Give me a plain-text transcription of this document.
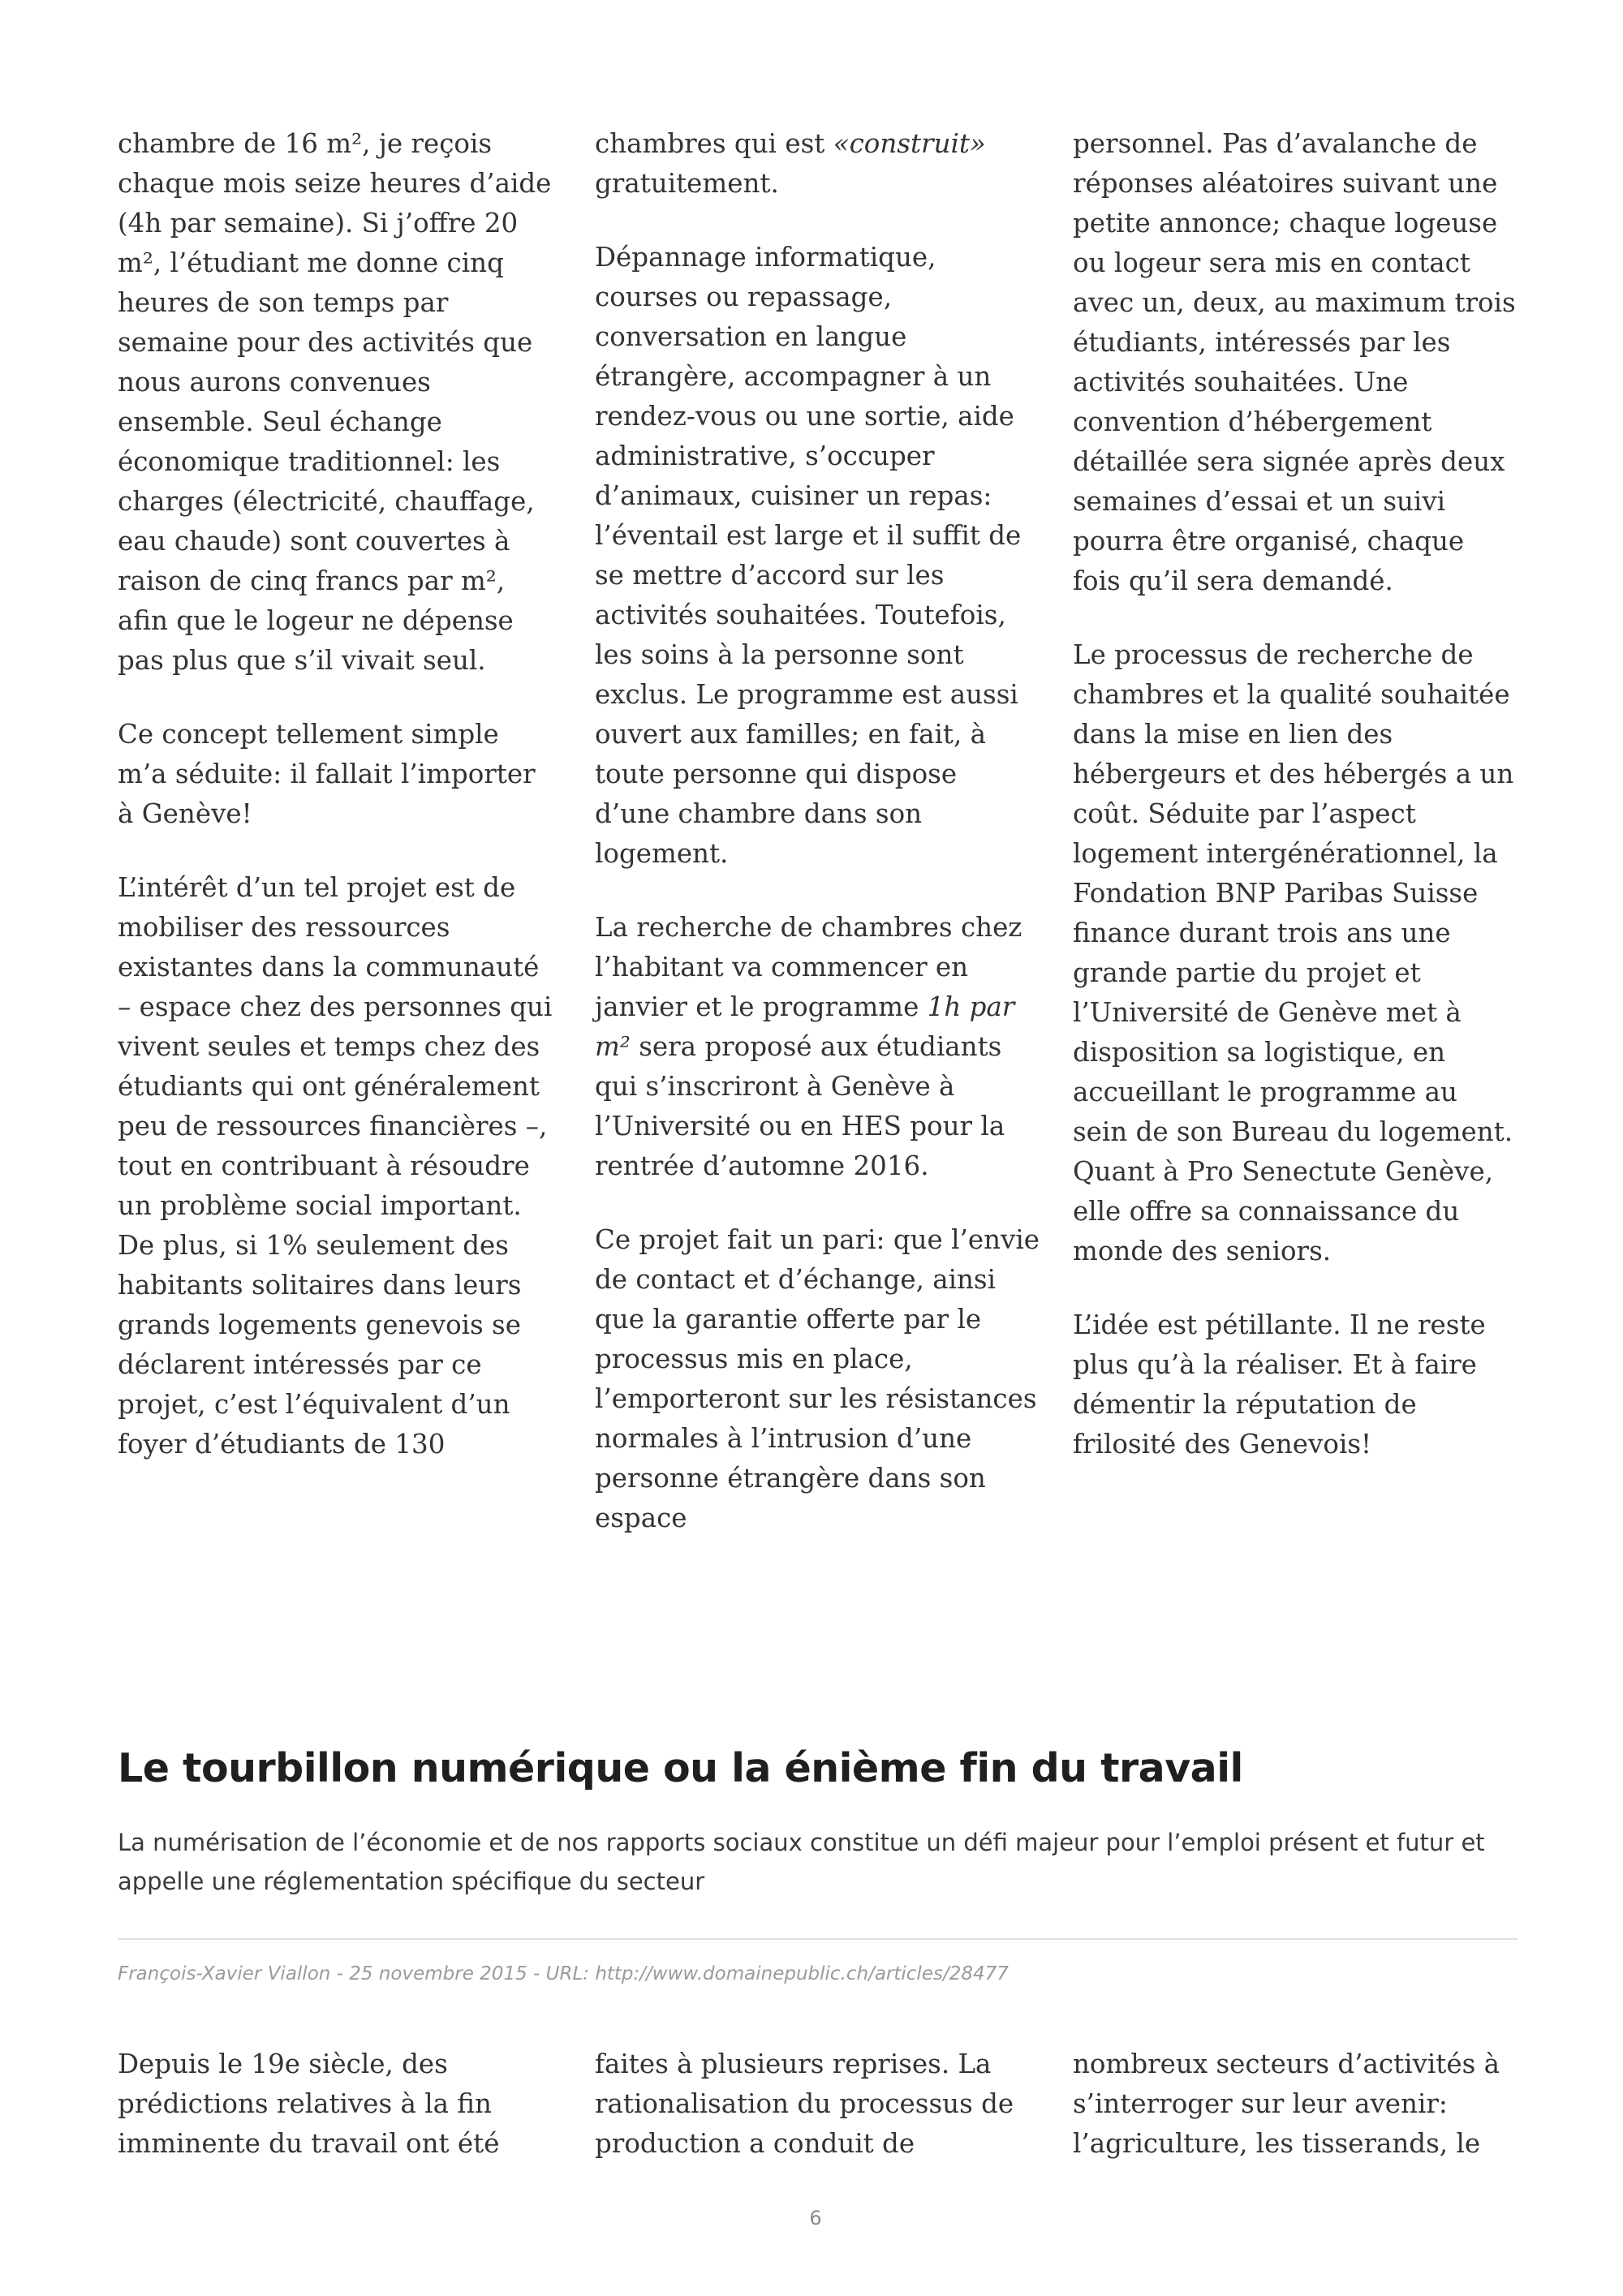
chambre de 16 m², je reçois chaque mois seize heures d’aide (4h par semaine). Si j’offre 20 m², l’étudiant me donne cinq heures de son temps par semaine pour des activités que nous aurons convenues ensemble. Seul échange économique traditionnel: les charges (électricité, chauffage, eau chaude) sont couvertes à raison de cinq francs par m², afin que le logeur ne dépense pas plus que s’il vivait seul.

Ce concept tellement simple m’a séduite: il fallait l’importer à Genève!

L’intérêt d’un tel projet est de mobiliser des ressources existantes dans la communauté – espace chez des personnes qui vivent seules et temps chez des étudiants qui ont généralement peu de ressources financières –, tout en contribuant à résoudre un problème social important. De plus, si 1% seulement des habitants solitaires dans leurs grands logements genevois se déclarent intéressés par ce projet, c’est l’équivalent d’un foyer d’étudiants de 130

chambres qui est «construit» gratuitement.

Dépannage informatique, courses ou repassage, conversation en langue étrangère, accompagner à un rendez-vous ou une sortie, aide administrative, s’occuper d’animaux, cuisiner un repas: l’éventail est large et il suffit de se mettre d’accord sur les activités souhaitées. Toutefois, les soins à la personne sont exclus. Le programme est aussi ouvert aux familles; en fait, à toute personne qui dispose d’une chambre dans son logement.

La recherche de chambres chez l’habitant va commencer en janvier et le programme 1h par m² sera proposé aux étudiants qui s’inscriront à Genève à l’Université ou en HES pour la rentrée d’automne 2016.

Ce projet fait un pari: que l’envie de contact et d’échange, ainsi que la garantie offerte par le processus mis en place, l’emporteront sur les résistances normales à l’intrusion d’une personne étrangère dans son espace

personnel. Pas d’avalanche de réponses aléatoires suivant une petite annonce; chaque logeuse ou logeur sera mis en contact avec un, deux, au maximum trois étudiants, intéressés par les activités souhaitées. Une convention d’hébergement détaillée sera signée après deux semaines d’essai et un suivi pourra être organisé, chaque fois qu’il sera demandé.

Le processus de recherche de chambres et la qualité souhaitée dans la mise en lien des hébergeurs et des hébergés a un coût. Séduite par l’aspect logement intergénérationnel, la Fondation BNP Paribas Suisse finance durant trois ans une grande partie du projet et l’Université de Genève met à disposition sa logistique, en accueillant le programme au sein de son Bureau du logement. Quant à Pro Senectute Genève, elle offre sa connaissance du monde des seniors.

L’idée est pétillante. Il ne reste plus qu’à la réaliser. Et à faire démentir la réputation de frilosité des Genevois!

Le tourbillon numérique ou la énième fin du travail

La numérisation de l’économie et de nos rapports sociaux constitue un défi majeur pour l’emploi présent et futur et appelle une réglementation spécifique du secteur

François-Xavier Viallon - 25 novembre 2015 - URL: http://www.domainepublic.ch/articles/28477

Depuis le 19e siècle, des prédictions relatives à la fin imminente du travail ont été

faites à plusieurs reprises. La rationalisation du processus de production a conduit de

nombreux secteurs d’activités à s’interroger sur leur avenir: l’agriculture, les tisserands, le

6
